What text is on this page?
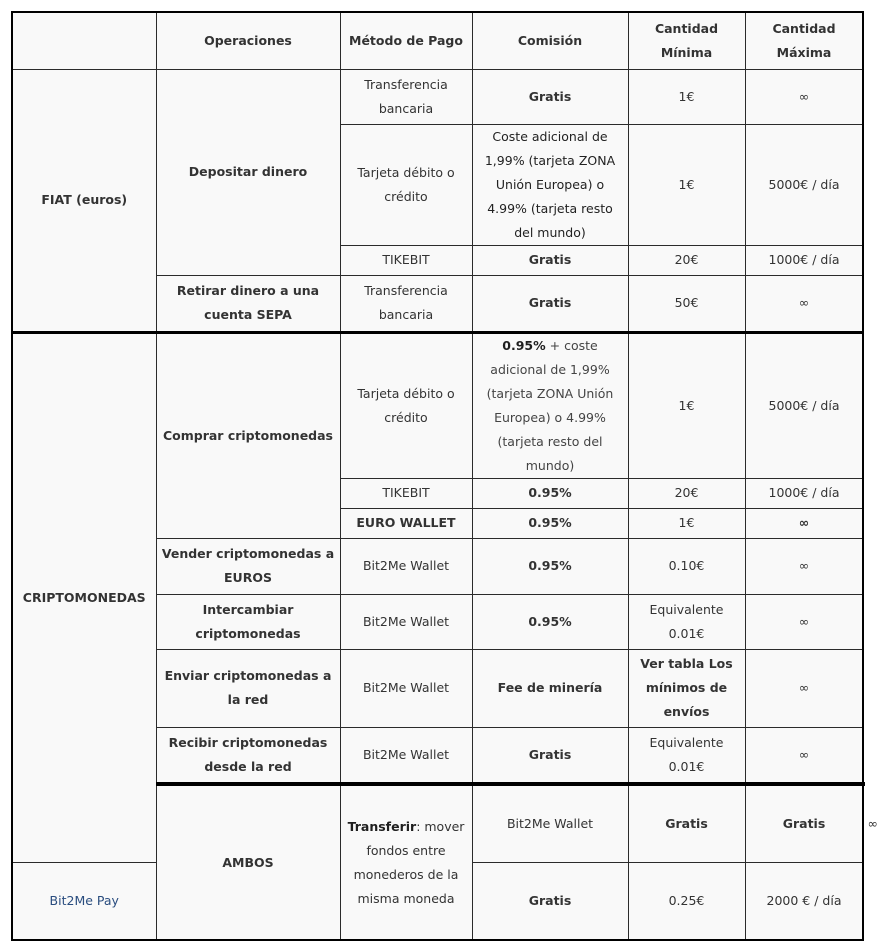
	Operaciones	Método de Pago	Comisión	Cantidad Mínima	Cantidad Máxima	
FIAT (euros)	Depositar dinero	Transferencia bancaria	Gratis	1€	∞	
		Tarjeta débito o crédito	Coste adicional de 1,99% (tarjeta ZONA Unión Europea) o 4.99% (tarjeta resto del mundo)	1€	5000€ / día	
		TIKEBIT	Gratis	20€	1000€ / día	
	Retirar dinero a una cuenta SEPA	Transferencia bancaria	Gratis	50€	∞	
CRIPTOMONEDAS	Comprar criptomonedas	Tarjeta débito o crédito	0.95% + coste adicional de 1,99% (tarjeta ZONA Unión Europea) o 4.99% (tarjeta resto del mundo)	1€	5000€ / día	
		TIKEBIT	0.95%	20€	1000€ / día	
		EURO WALLET	0.95%	1€	∞	
	Vender criptomonedas a EUROS	Bit2Me Wallet	0.95%	0.10€	∞	
	Intercambiar criptomonedas	Bit2Me Wallet	0.95%	Equivalente 0.01€	∞	
	Enviar criptomonedas a la red	Bit2Me Wallet	Fee de minería	Ver tabla Los mínimos de envíos	∞	
	Recibir criptomonedas desde la red	Bit2Me Wallet	Gratis	Equivalente 0.01€	∞	
	AMBOS	Transferir: mover fondos entre monederos de la misma moneda	Bit2Me Wallet	Gratis	Gratis	∞
Bit2Me Pay			Gratis	0.25€	2000 € / día	
